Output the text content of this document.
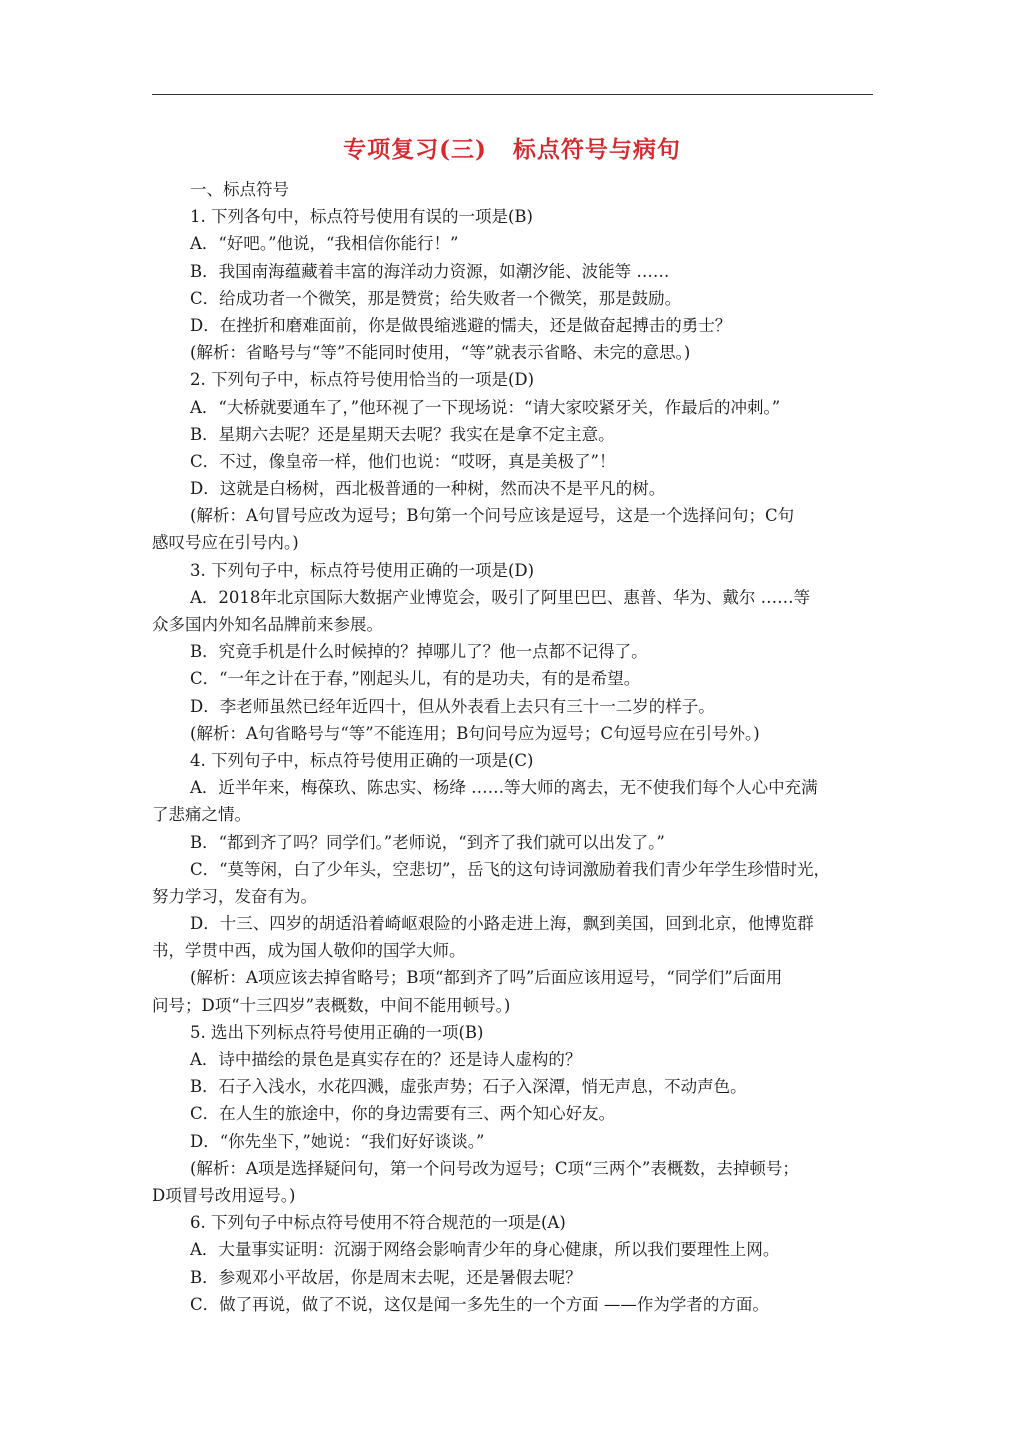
专项复习(三) 标点符号与病句
一、标点符号
1. 下列各句中，标点符号使用有误的一项是(B)
A．“好吧。”他说，“我相信你能行！”
B．我国南海蕴藏着丰富的海洋动力资源，如潮汐能、波能等 ……
C．给成功者一个微笑，那是赞赏；给失败者一个微笑，那是鼓励。
D．在挫折和磨难面前，你是做畏缩逃避的懦夫，还是做奋起搏击的勇士？
(解析：省略号与“等”不能同时使用，“等”就表示省略、未完的意思。)
2. 下列句子中，标点符号使用恰当的一项是(D)
A．“大桥就要通车了，”他环视了一下现场说：“请大家咬紧牙关，作最后的冲刺。”
B．星期六去呢？还是星期天去呢？我实在是拿不定主意。
C．不过，像皇帝一样，他们也说：“哎呀，真是美极了”！
D．这就是白杨树，西北极普通的一种树，然而决不是平凡的树。
(解析：A句冒号应改为逗号；B句第一个问号应该是逗号，这是一个选择问句；C句
感叹号应在引号内。)
3. 下列句子中，标点符号使用正确的一项是(D)
A．2018年北京国际大数据产业博览会，吸引了阿里巴巴、惠普、华为、戴尔 ……等
众多国内外知名品牌前来参展。
B．究竟手机是什么时候掉的？掉哪儿了？他一点都不记得了。
C．“一年之计在于春，”刚起头儿，有的是功夫，有的是希望。
D．李老师虽然已经年近四十，但从外表看上去只有三十一二岁的样子。
(解析：A句省略号与“等”不能连用；B句问号应为逗号；C句逗号应在引号外。)
4. 下列句子中，标点符号使用正确的一项是(C)
A．近半年来，梅葆玖、陈忠实、杨绛 ……等大师的离去，无不使我们每个人心中充满
了悲痛之情。
B．“都到齐了吗？同学们。”老师说，“到齐了我们就可以出发了。”
C．“莫等闲，白了少年头，空悲切”，岳飞的这句诗词激励着我们青少年学生珍惜时光，
努力学习，发奋有为。
D．十三、四岁的胡适沿着崎岖艰险的小路走进上海，飘到美国，回到北京，他博览群
书，学贯中西，成为国人敬仰的国学大师。
(解析：A项应该去掉省略号；B项“都到齐了吗”后面应该用逗号，“同学们”后面用
问号；D项“十三四岁”表概数，中间不能用顿号。)
5. 选出下列标点符号使用正确的一项(B)
A．诗中描绘的景色是真实存在的？还是诗人虚构的？
B．石子入浅水，水花四溅，虚张声势；石子入深潭，悄无声息，不动声色。
C．在人生的旅途中，你的身边需要有三、两个知心好友。
D．“你先坐下，”她说：“我们好好谈谈。”
(解析：A项是选择疑问句，第一个问号改为逗号；C项“三两个”表概数，去掉顿号；
D项冒号改用逗号。)
6. 下列句子中标点符号使用不符合规范的一项是(A)
A．大量事实证明：沉溺于网络会影响青少年的身心健康，所以我们要理性上网。
B．参观邓小平故居，你是周末去呢，还是暑假去呢？
C．做了再说，做了不说，这仅是闻一多先生的一个方面 ——作为学者的方面。
